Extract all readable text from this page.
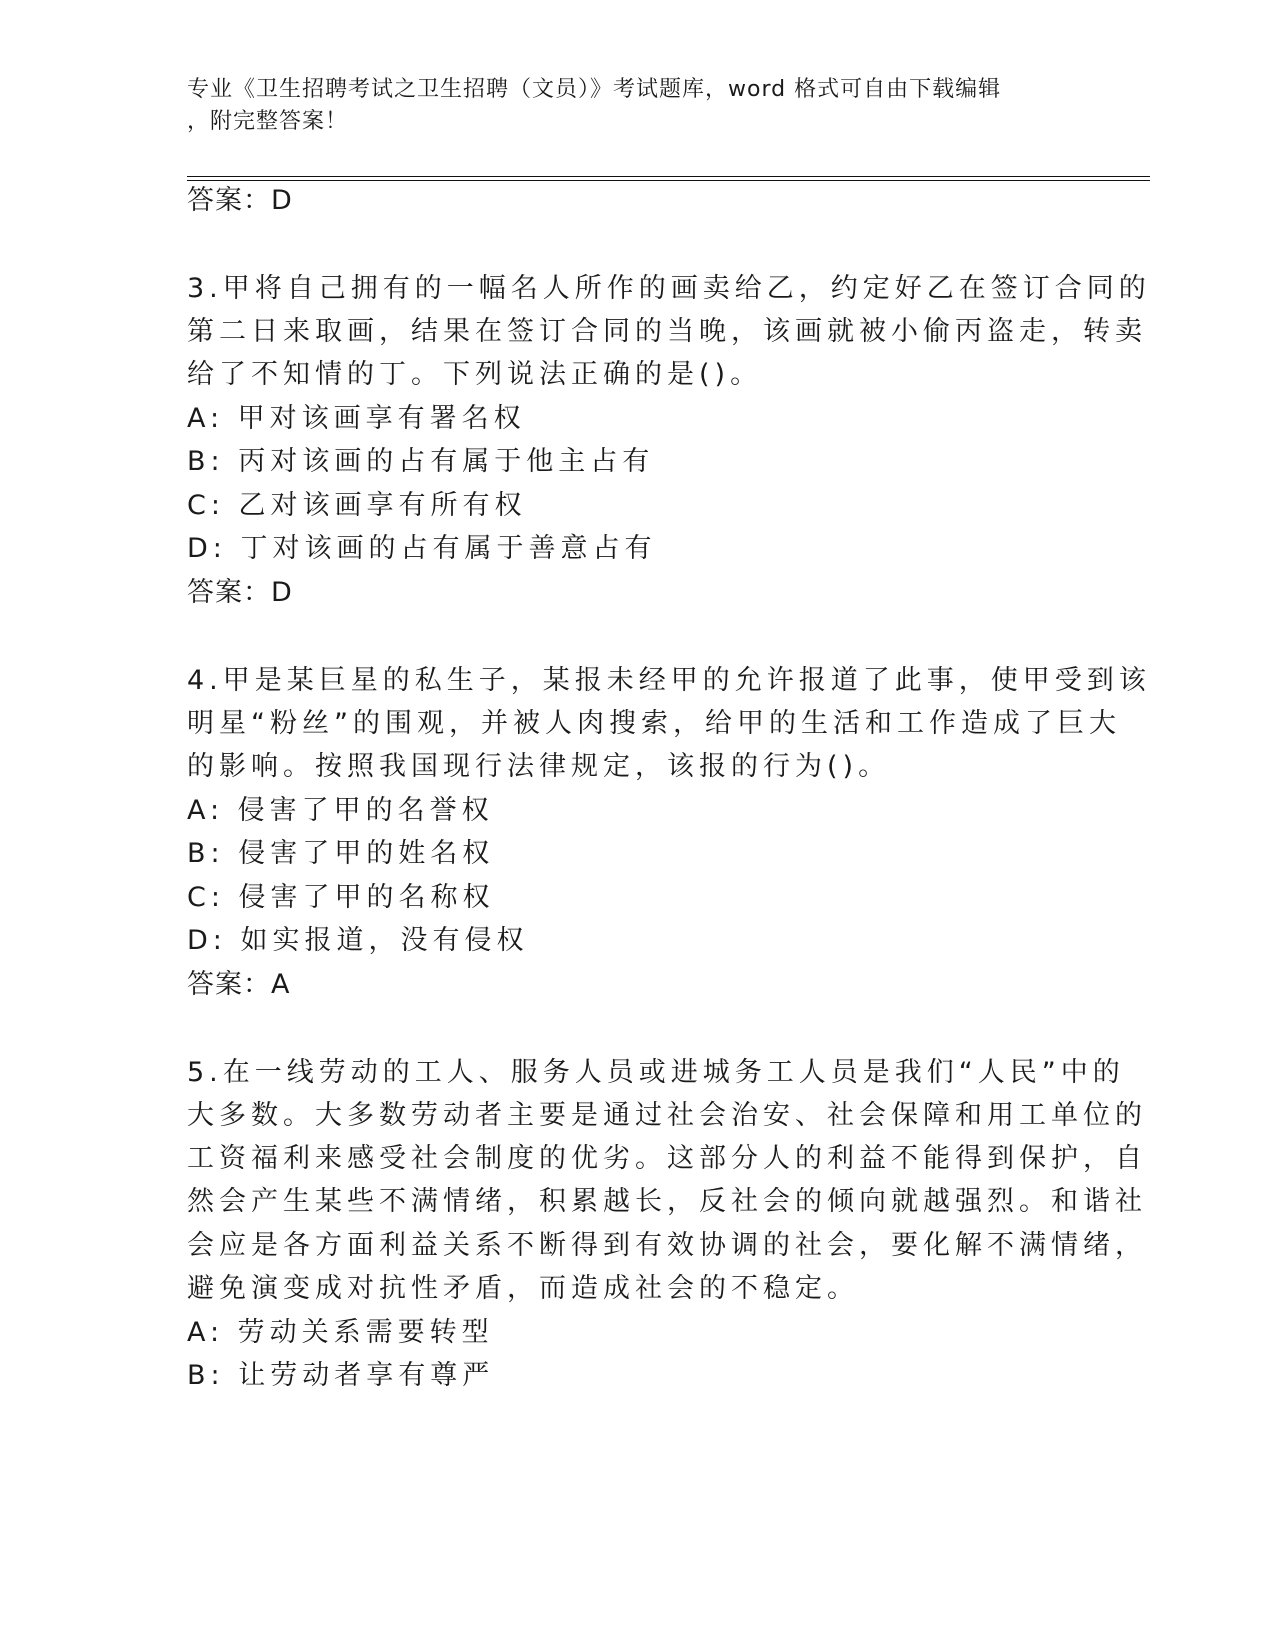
专业《卫生招聘考试之卫生招聘（文员）》考试题库，word 格式可自由下载编辑
，附完整答案！
答案：D
3.甲将自己拥有的一幅名人所作的画卖给乙，约定好乙在签订合同的
第二日来取画，结果在签订合同的当晚，该画就被小偷丙盗走，转卖
给了不知情的丁。下列说法正确的是()。
A: 甲对该画享有署名权
B: 丙对该画的占有属于他主占有
C: 乙对该画享有所有权
D: 丁对该画的占有属于善意占有
答案：D
4.甲是某巨星的私生子，某报未经甲的允许报道了此事，使甲受到该
明星“粉丝”的围观，并被人肉搜索，给甲的生活和工作造成了巨大
的影响。按照我国现行法律规定，该报的行为()。
A: 侵害了甲的名誉权
B: 侵害了甲的姓名权
C: 侵害了甲的名称权
D: 如实报道，没有侵权
答案：A
5.在一线劳动的工人、服务人员或进城务工人员是我们“人民”中的
大多数。大多数劳动者主要是通过社会治安、社会保障和用工单位的
工资福利来感受社会制度的优劣。这部分人的利益不能得到保护，自
然会产生某些不满情绪，积累越长，反社会的倾向就越强烈。和谐社
会应是各方面利益关系不断得到有效协调的社会，要化解不满情绪，
避免演变成对抗性矛盾，而造成社会的不稳定。
A: 劳动关系需要转型
B: 让劳动者享有尊严
